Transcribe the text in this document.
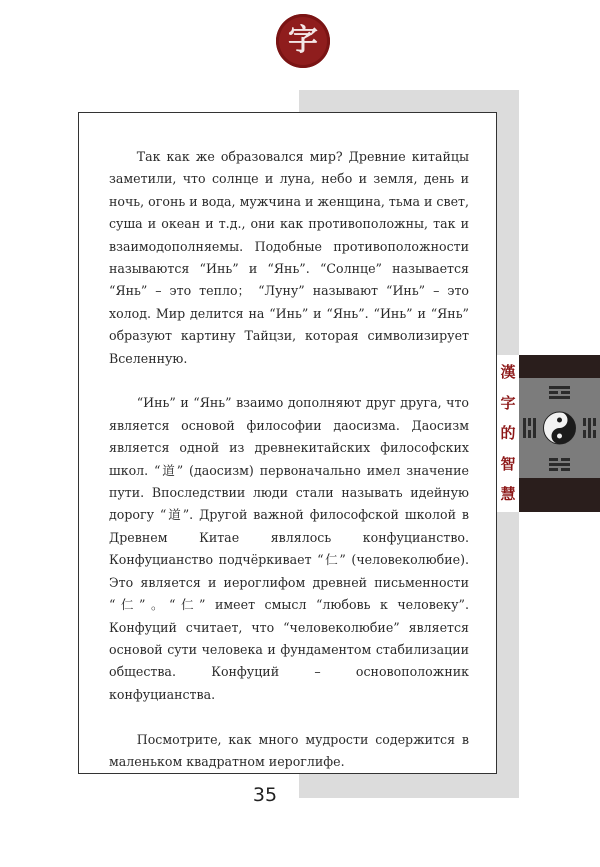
字

Так как же образовался мир? Древние китайцы заметили, что солнце и луна, небо и земля, день и ночь, огонь и вода, мужчина и женщина, тьма и свет, суша и океан и т.д., они как противоположны, так и взаимодополняемы. Подобные противоположности называются “Инь” и “Янь”. “Солнце” называется “Янь” – это тепло； “Луну” называют “Инь” – это холод. Мир делится на “Инь” и “Янь”. “Инь” и “Янь” образуют картину Тайцзи, которая символизирует Вселенную.

“Инь” и “Янь” взаимо дополняют друг друга, что является основой философии даосизма. Даосизм является одной из древнекитайских философских школ. “道” (даосизм) первоначально имел значение пути. Впоследствии люди стали называть идейную дорогу “道”. Другой важной философской школой в Древнем Китае являлось конфуцианство. Конфуцианство подчёркивает “仁” (человеколюбие). Это является и иероглифом древней письменности “仁”。“仁” имеет смысл “любовь к человеку”. Конфуций считает, что “человеколюбие” является основой сути человека и фундаментом стабилизации общества. Конфуций – основоположник конфуцианства.

Посмотрите, как много мудрости содержится в маленьком квадратном иероглифе.

漢
字
的
智
慧
35
